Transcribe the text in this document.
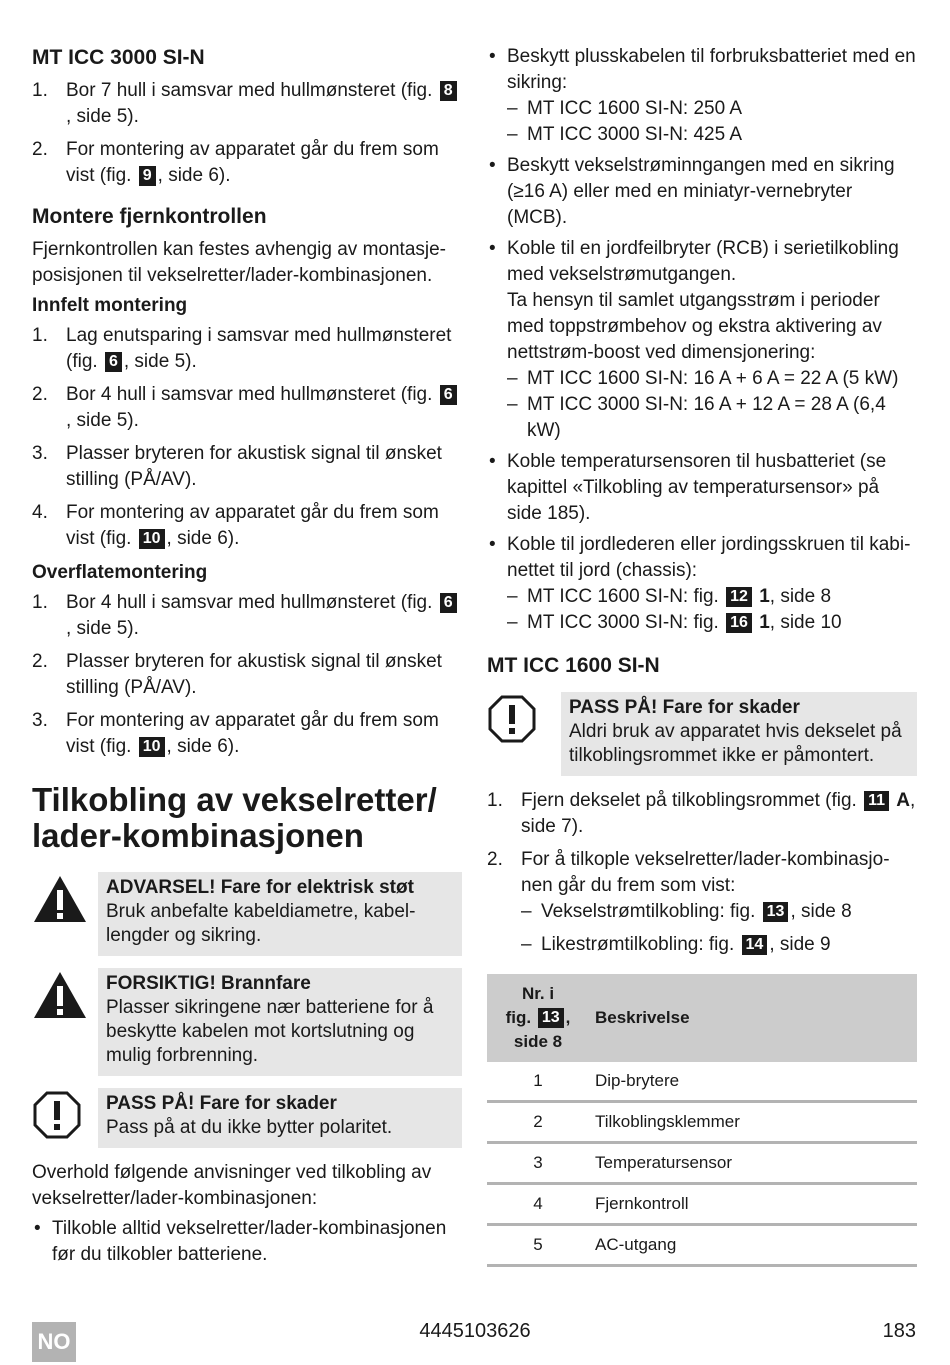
MT ICC 3000 SI-N
1. Bor 7 hull i samsvar med hullmønsteret (fig. 8, side 5).
2. For montering av apparatet går du frem som vist (fig. 9 , side 6).
Montere fjernkontrollen

Fjernkontrollen kan festes avhengig av montasje-posisjonen til vekselretter/lader-kombinasjonen.

Innfelt montering
1. Lag enutsparing i samsvar med hullmønsteret (fig. 6 , side 5).
2. Bor 4 hull i samsvar med hullmønsteret (fig. 6, side 5).
3. Plasser bryteren for akustisk signal til ønsket stilling (PÅ/AV).
4. For montering av apparatet går du frem som vist (fig. 10 , side 6).
Overflatemontering
1. Bor 4 hull i samsvar med hullmønsteret (fig. 6, side 5).
2. Plasser bryteren for akustisk signal til ønsket stilling (PÅ/AV).
3. For montering av apparatet går du frem som vist (fig. 10 , side 6).
Tilkobling av vekselretter/
lader-kombinasjonen
ADVARSEL! Fare for elektrisk støt
Bruk anbefalte kabeldiametre, kabel-lengder og sikring.
FORSIKTIG! Brannfare
Plasser sikringene nær batteriene for å beskytte kabelen mot kortslutning og mulig forbrenning.
PASS PÅ! Fare for skader
Pass på at du ikke bytter polaritet.

Overhold følgende anvisninger ved tilkobling av vekselretter/lader-kombinasjonen:

• Tilkoble alltid vekselretter/lader-kombinasjonen før du tilkobler batteriene.
• Beskytt plusskabelen til forbruksbatteriet med en sikring:
– MT ICC 1600 SI-N: 250 A
– MT ICC 3000 SI-N: 425 A
• Beskytt vekselstrøminngangen med en sikring (≥16 A) eller med en miniatyr-vernebryter (MCB).
• Koble til en jordfeilbryter (RCB) i serietilkobling med vekselstrømutgangen.
Ta hensyn til samlet utgangsstrøm i perioder med toppstrømbehov og ekstra aktivering av nettstrøm-boost ved dimensjonering:
– MT ICC 1600 SI-N: 16 A + 6 A = 22 A (5 kW)
– MT ICC 3000 SI-N: 16 A + 12 A = 28 A (6,4 kW)
• Koble temperatursensoren til husbatteriet (se kapittel «Tilkobling av temperatursensor» på side 185).
• Koble til jordlederen eller jordingsskruen til kabi-nettet til jord (chassis):
– MT ICC 1600 SI-N: fig. 12 1, side 8
– MT ICC 3000 SI-N: fig. 16 1, side 10
MT ICC 1600 SI-N
PASS PÅ! Fare for skader
Aldri bruk av apparatet hvis dekselet på tilkoblingsrommet ikke er påmontert.
1. Fjern dekselet på tilkoblingsrommet (fig. 11 A, side 7).
2. For å tilkople vekselretter/lader-kombinasjo-nen går du frem som vist:
– Vekselstrømtilkobling: fig. 13 , side 8
– Likestrømtilkobling: fig. 14 , side 9
Nr. i
fig. 13 ,
side 8	Beskrivelse
1	Dip-brytere
2	Tilkoblingsklemmer
3	Temperatursensor
4	Fjernkontroll
5	AC-utgang
NO	4445103626	183
